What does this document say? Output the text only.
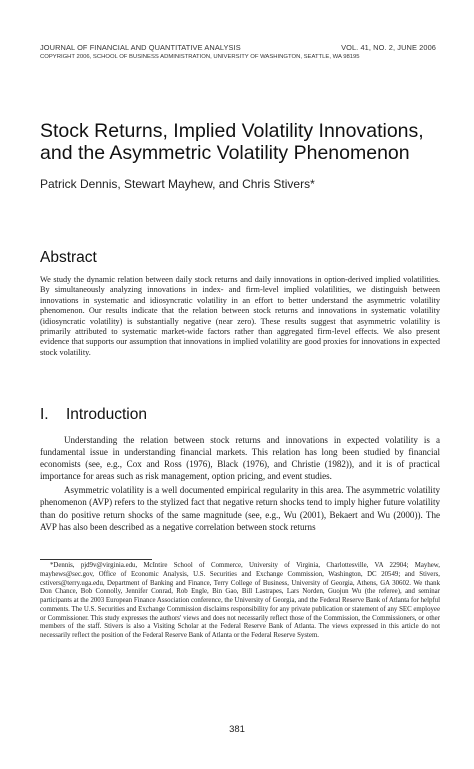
JOURNAL OF FINANCIAL AND QUANTITATIVE ANALYSIS	VOL. 41, NO. 2, JUNE 2006
COPYRIGHT 2006, SCHOOL OF BUSINESS ADMINISTRATION, UNIVERSITY OF WASHINGTON, SEATTLE, WA 98195
Stock Returns, Implied Volatility Innovations,
and the Asymmetric Volatility Phenomenon
Patrick Dennis, Stewart Mayhew, and Chris Stivers*
Abstract
We study the dynamic relation between daily stock returns and daily innovations in option-derived implied volatilities. By simultaneously analyzing innovations in index- and firm-level implied volatilities, we distinguish between innovations in systematic and idiosyncratic volatility in an effort to better understand the asymmetric volatility phenomenon. Our results indicate that the relation between stock returns and innovations in systematic volatility (idiosyncratic volatility) is substantially negative (near zero). These results suggest that asymmetric volatility is primarily attributed to systematic market-wide factors rather than aggregated firm-level effects. We also present evidence that supports our assumption that innovations in implied volatility are good proxies for innovations in expected stock volatility.
I. Introduction

Understanding the relation between stock returns and innovations in expected volatility is a fundamental issue in understanding financial markets. This relation has long been studied by financial economists (see, e.g., Cox and Ross (1976), Black (1976), and Christie (1982)), and it is of practical importance for areas such as risk management, option pricing, and event studies.

Asymmetric volatility is a well documented empirical regularity in this area. The asymmetric volatility phenomenon (AVP) refers to the stylized fact that negative return shocks tend to imply higher future volatility than do positive return shocks of the same magnitude (see, e.g., Wu (2001), Bekaert and Wu (2000)). The AVP has also been described as a negative correlation between stock returns

*Dennis, pjd9v@virginia.edu, McIntire School of Commerce, University of Virginia, Charlottesville, VA 22904; Mayhew, mayhews@sec.gov, Office of Economic Analysis, U.S. Securities and Exchange Commission, Washington, DC 20549; and Stivers, cstivers@terry.uga.edu, Department of Banking and Finance, Terry College of Business, University of Georgia, Athens, GA 30602. We thank Don Chance, Bob Connolly, Jennifer Conrad, Rob Engle, Bin Gao, Bill Lastrapes, Lars Norden, Guojun Wu (the referee), and seminar participants at the 2003 European Finance Association conference, the University of Georgia, and the Federal Reserve Bank of Atlanta for helpful comments. The U.S. Securities and Exchange Commission disclaims responsibility for any private publication or statement of any SEC employee or Commissioner. This study expresses the authors' views and does not necessarily reflect those of the Commission, the Commissioners, or other members of the staff. Stivers is also a Visiting Scholar at the Federal Reserve Bank of Atlanta. The views expressed in this article do not necessarily reflect the position of the Federal Reserve Bank of Atlanta or the Federal Reserve System.

381
